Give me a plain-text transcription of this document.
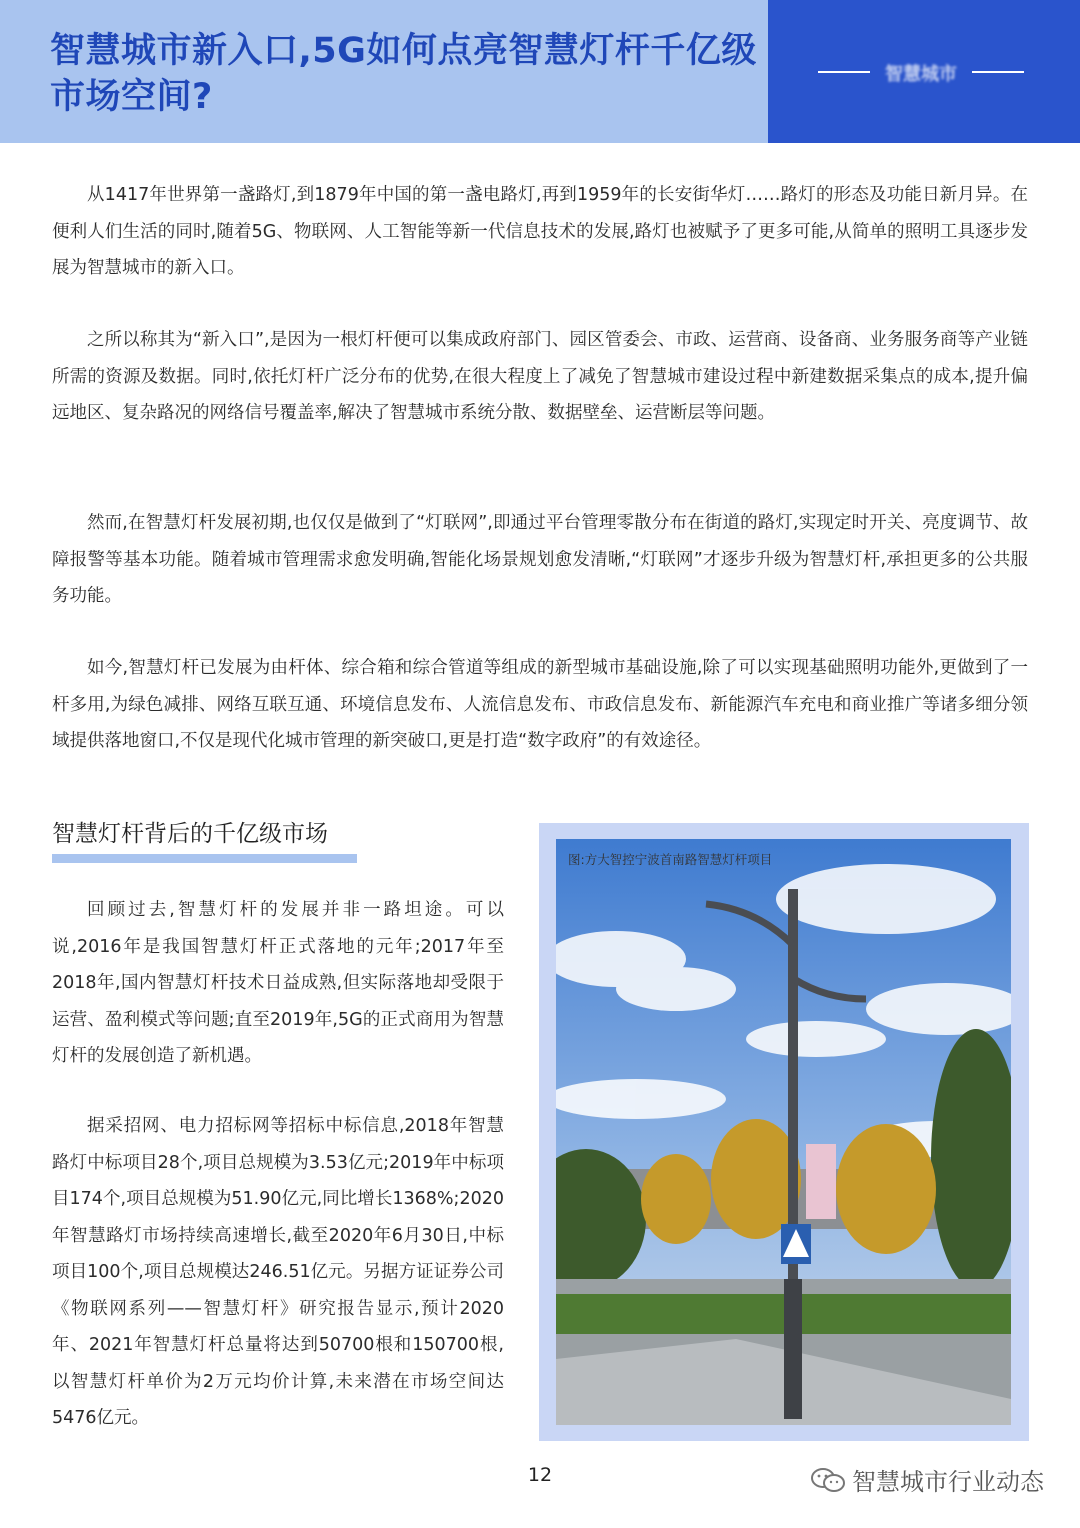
智慧城市新入口,5G如何点亮智慧灯杆千亿级市场空间?
智慧城市

从1417年世界第一盏路灯,到1879年中国的第一盏电路灯,再到1959年的长安街华灯……路灯的形态及功能日新月异。在便利人们生活的同时,随着5G、物联网、人工智能等新一代信息技术的发展,路灯也被赋予了更多可能,从简单的照明工具逐步发展为智慧城市的新入口。

之所以称其为“新入口”,是因为一根灯杆便可以集成政府部门、园区管委会、市政、运营商、设备商、业务服务商等产业链所需的资源及数据。同时,依托灯杆广泛分布的优势,在很大程度上了减免了智慧城市建设过程中新建数据采集点的成本,提升偏远地区、复杂路况的网络信号覆盖率,解决了智慧城市系统分散、数据壁垒、运营断层等问题。

然而,在智慧灯杆发展初期,也仅仅是做到了“灯联网”,即通过平台管理零散分布在街道的路灯,实现定时开关、亮度调节、故障报警等基本功能。随着城市管理需求愈发明确,智能化场景规划愈发清晰,“灯联网”才逐步升级为智慧灯杆,承担更多的公共服务功能。

如今,智慧灯杆已发展为由杆体、综合箱和综合管道等组成的新型城市基础设施,除了可以实现基础照明功能外,更做到了一杆多用,为绿色减排、网络互联互通、环境信息发布、人流信息发布、市政信息发布、新能源汽车充电和商业推广等诸多细分领域提供落地窗口,不仅是现代化城市管理的新突破口,更是打造“数字政府”的有效途径。

智慧灯杆背后的千亿级市场

回顾过去,智慧灯杆的发展并非一路坦途。可以说,2016年是我国智慧灯杆正式落地的元年;2017年至2018年,国内智慧灯杆技术日益成熟,但实际落地却受限于运营、盈利模式等问题;直至2019年,5G的正式商用为智慧灯杆的发展创造了新机遇。

据采招网、电力招标网等招标中标信息,2018年智慧路灯中标项目28个,项目总规模为3.53亿元;2019年中标项目174个,项目总规模为51.90亿元,同比增长1368%;2020年智慧路灯市场持续高速增长,截至2020年6月30日,中标项目100个,项目总规模达246.51亿元。另据方证证券公司《物联网系列——智慧灯杆》研究报告显示,预计2020年、2021年智慧灯杆总量将达到50700根和150700根,以智慧灯杆单价为2万元均价计算,未来潜在市场空间达5476亿元。

图:方大智控宁波首南路智慧灯杆项目
12	智慧城市行业动态
